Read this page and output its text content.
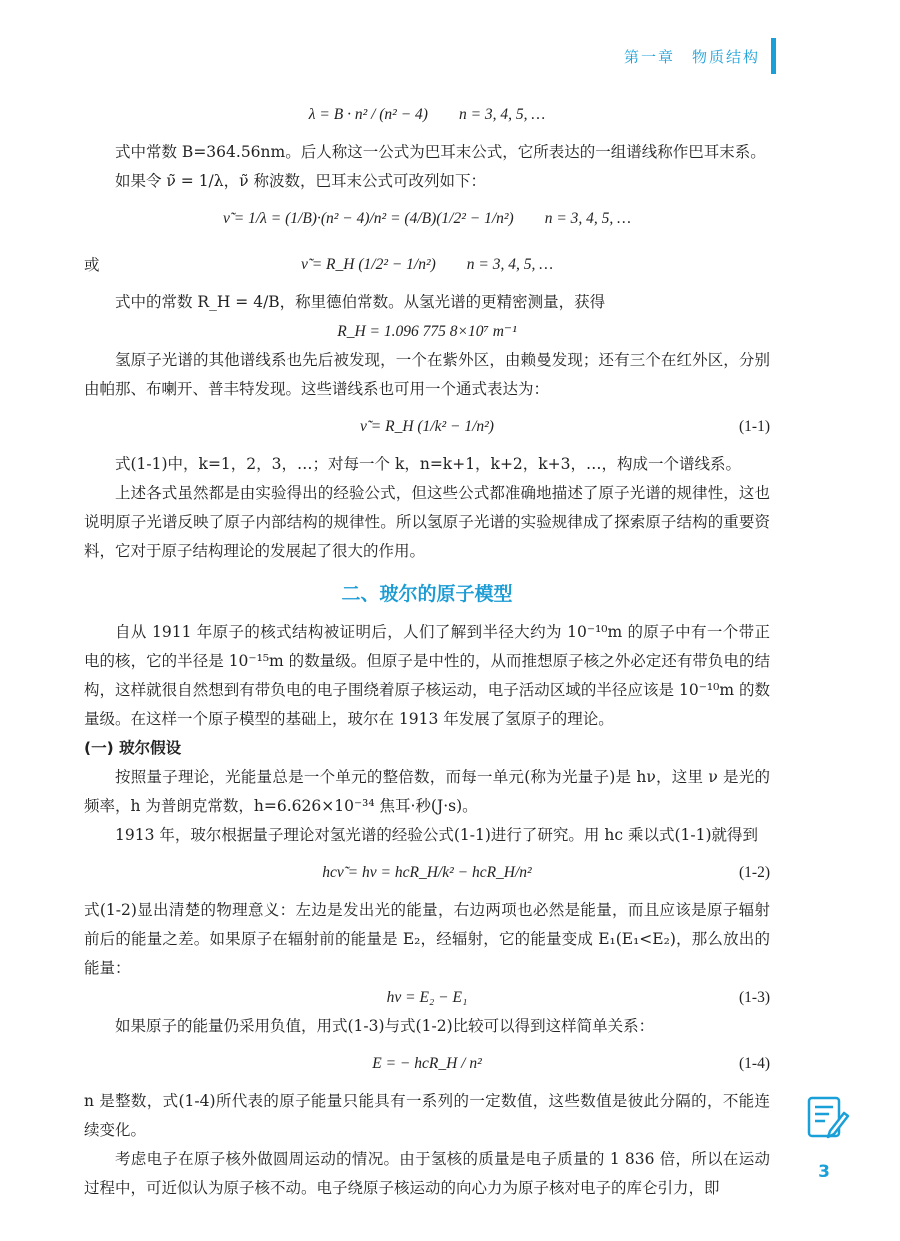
第一章　物质结构
λ = B · n² / (n² − 4)　　n = 3, 4, 5, …

式中常数 B=364.56nm。后人称这一公式为巴耳末公式，它所表达的一组谱线称作巴耳末系。

如果令 ν̃ = 1/λ，ν̃ 称波数，巴耳末公式可改列如下：

ν̃ = 1/λ = (1/B)·(n² − 4)/n² = (4/B)(1/2² − 1/n²)　　n = 3, 4, 5, …
或	ν̃ = R_H (1/2² − 1/n²)　　n = 3, 4, 5, …

式中的常数 R_H = 4/B，称里德伯常数。从氢光谱的更精密测量，获得

R_H = 1.096 775 8×10⁷ m⁻¹

氢原子光谱的其他谱线系也先后被发现，一个在紫外区，由赖曼发现；还有三个在红外区，分别由帕那、布喇开、普丰特发现。这些谱线系也可用一个通式表达为：

ν̃ = R_H (1/k² − 1/n²)	(1-1)

式(1-1)中，k=1，2，3，…；对每一个 k，n=k+1，k+2，k+3，…，构成一个谱线系。

上述各式虽然都是由实验得出的经验公式，但这些公式都准确地描述了原子光谱的规律性，这也说明原子光谱反映了原子内部结构的规律性。所以氢原子光谱的实验规律成了探索原子结构的重要资料，它对于原子结构理论的发展起了很大的作用。

二、玻尔的原子模型

自从 1911 年原子的核式结构被证明后，人们了解到半径大约为 10⁻¹⁰m 的原子中有一个带正电的核，它的半径是 10⁻¹⁵m 的数量级。但原子是中性的，从而推想原子核之外必定还有带负电的结构，这样就很自然想到有带负电的电子围绕着原子核运动，电子活动区域的半径应该是 10⁻¹⁰m 的数量级。在这样一个原子模型的基础上，玻尔在 1913 年发展了氢原子的理论。

(一) 玻尔假设

按照量子理论，光能量总是一个单元的整倍数，而每一单元(称为光量子)是 hν，这里 ν 是光的频率，h 为普朗克常数，h=6.626×10⁻³⁴ 焦耳·秒(J·s)。

1913 年，玻尔根据量子理论对氢光谱的经验公式(1-1)进行了研究。用 hc 乘以式(1-1)就得到

hcν̃ = hν = hcR_H/k² − hcR_H/n²	(1-2)

式(1-2)显出清楚的物理意义：左边是发出光的能量，右边两项也必然是能量，而且应该是原子辐射前后的能量之差。如果原子在辐射前的能量是 E₂，经辐射，它的能量变成 E₁(E₁<E₂)，那么放出的能量：

hν = E₂ − E₁	(1-3)

如果原子的能量仍采用负值，用式(1-3)与式(1-2)比较可以得到这样简单关系：

E = − hcR_H / n²	(1-4)

n 是整数，式(1-4)所代表的原子能量只能具有一系列的一定数值，这些数值是彼此分隔的，不能连续变化。

考虑电子在原子核外做圆周运动的情况。由于氢核的质量是电子质量的 1 836 倍，所以在运动过程中，可近似认为原子核不动。电子绕原子核运动的向心力为原子核对电子的库仑引力，即

3
